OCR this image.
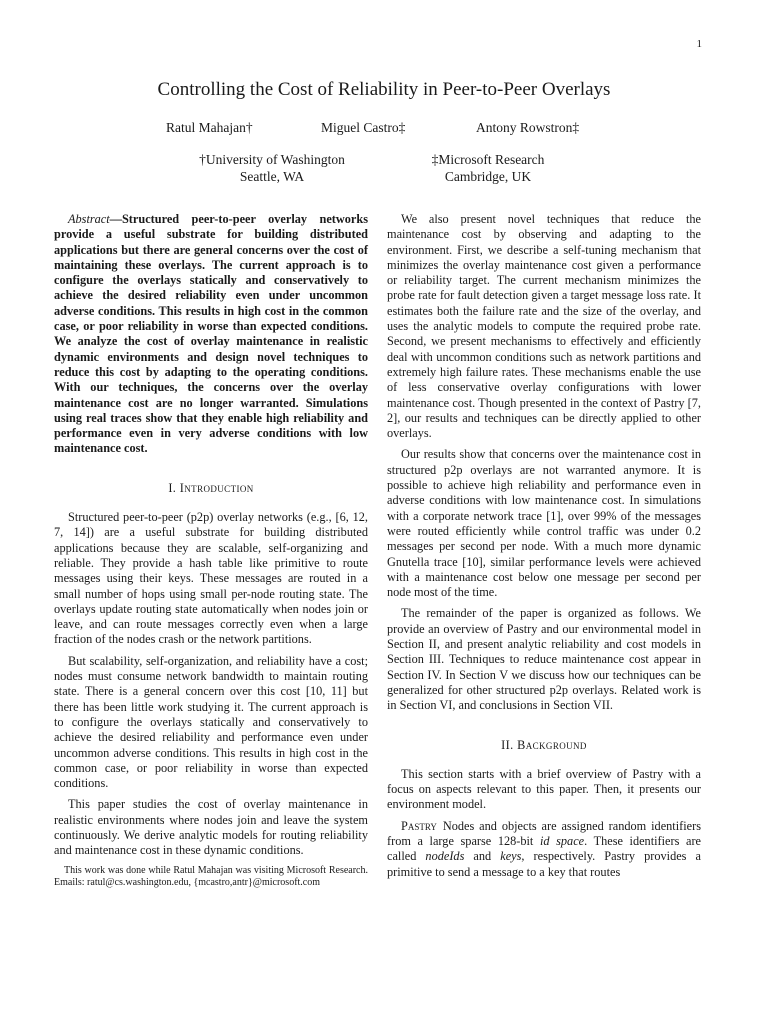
1
Controlling the Cost of Reliability in Peer-to-Peer Overlays
Ratul Mahajan†	Miguel Castro‡	Antony Rowstron‡
†University of Washington
Seattle, WA
‡Microsoft Research
Cambridge, UK

Abstract—Structured peer-to-peer overlay networks provide a useful substrate for building distributed applications but there are general concerns over the cost of maintaining these overlays. The current approach is to configure the overlays statically and conservatively to achieve the desired reliability even under uncommon adverse conditions. This results in high cost in the common case, or poor reliability in worse than expected conditions. We analyze the cost of overlay maintenance in realistic dynamic environments and design novel techniques to reduce this cost by adapting to the operating conditions. With our techniques, the concerns over the overlay maintenance cost are no longer warranted. Simulations using real traces show that they enable high reliability and performance even in very adverse conditions with low maintenance cost.

I. Introduction

Structured peer-to-peer (p2p) overlay networks (e.g., [6, 12, 7, 14]) are a useful substrate for building distributed applications because they are scalable, self-organizing and reliable. They provide a hash table like primitive to route messages using their keys. These messages are routed in a small number of hops using small per-node routing state. The overlays update routing state automatically when nodes join or leave, and can route messages correctly even when a large fraction of the nodes crash or the network partitions.

But scalability, self-organization, and reliability have a cost; nodes must consume network bandwidth to maintain routing state. There is a general concern over this cost [10, 11] but there has been little work studying it. The current approach is to configure the overlays statically and conservatively to achieve the desired reliability and performance even under uncommon adverse conditions. This results in high cost in the common case, or poor reliability in worse than expected conditions.

This paper studies the cost of overlay maintenance in realistic environments where nodes join and leave the system continuously. We derive analytic models for routing reliability and maintenance cost in these dynamic conditions.

This work was done while Ratul Mahajan was visiting Microsoft Research. Emails: ratul@cs.washington.edu, {mcastro,antr}@microsoft.com

We also present novel techniques that reduce the maintenance cost by observing and adapting to the environment. First, we describe a self-tuning mechanism that minimizes the overlay maintenance cost given a performance or reliability target. The current mechanism minimizes the probe rate for fault detection given a target message loss rate. It estimates both the failure rate and the size of the overlay, and uses the analytic models to compute the required probe rate. Second, we present mechanisms to effectively and efficiently deal with uncommon conditions such as network partitions and extremely high failure rates. These mechanisms enable the use of less conservative overlay configurations with lower maintenance cost. Though presented in the context of Pastry [7, 2], our results and techniques can be directly applied to other overlays.

Our results show that concerns over the maintenance cost in structured p2p overlays are not warranted anymore. It is possible to achieve high reliability and performance even in adverse conditions with low maintenance cost. In simulations with a corporate network trace [1], over 99% of the messages were routed efficiently while control traffic was under 0.2 messages per second per node. With a much more dynamic Gnutella trace [10], similar performance levels were achieved with a maintenance cost below one message per second per node most of the time.

The remainder of the paper is organized as follows. We provide an overview of Pastry and our environmental model in Section II, and present analytic reliability and cost models in Section III. Techniques to reduce maintenance cost appear in Section IV. In Section V we discuss how our techniques can be generalized for other structured p2p overlays. Related work is in Section VI, and conclusions in Section VII.

II. Background

This section starts with a brief overview of Pastry with a focus on aspects relevant to this paper. Then, it presents our environment model.

Pastry Nodes and objects are assigned random identifiers from a large sparse 128-bit id space. These identifiers are called nodeIds and keys, respectively. Pastry provides a primitive to send a message to a key that routes
